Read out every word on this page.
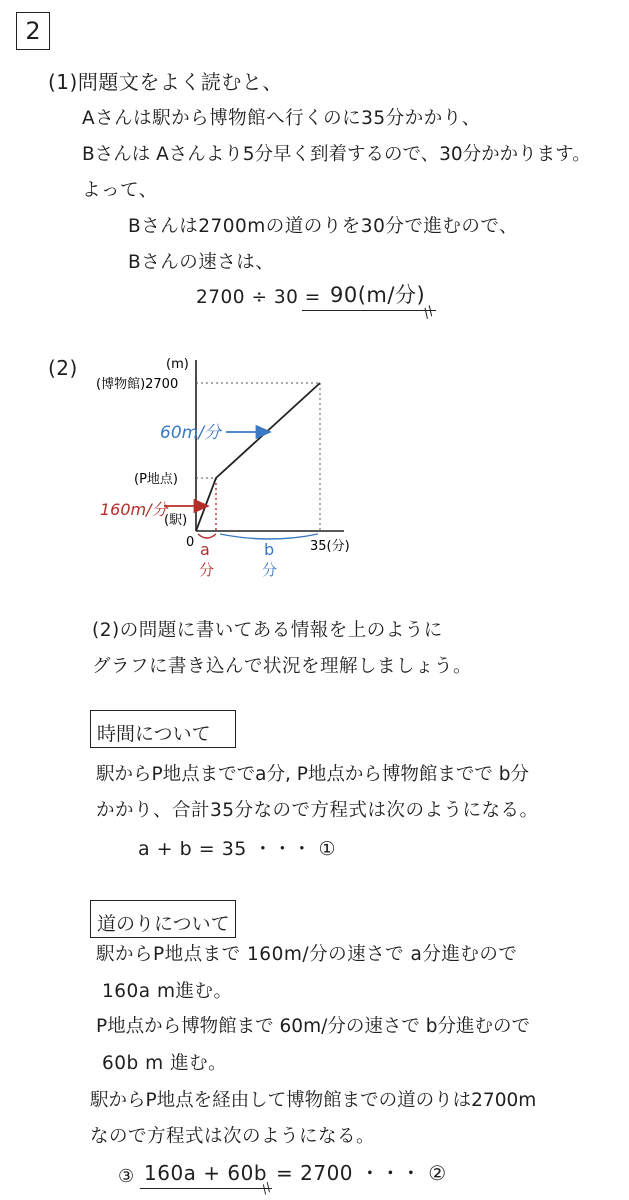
2
(1)問題文をよく読むと、
Aさんは駅から博物館へ行くのに35分かかり、
Bさんは Aさんより5分早く到着するので、30分かかります。
よって、
Bさんは2700mの道のりを30分で進むので、
Bさんの速さは、
2700 ÷ 30 = 90(m/分)
//
(2)	(m)
(博物館)2700
(P地点)
(駅)
0	35(分)
60m/分
160m/分
a
分
b
分
(2)の問題に書いてある情報を上のように
グラフに書き込んで状況を理解しましょう。
時間について
駅からP地点まででa分, P地点から博物館までで b分
かかり、合計35分なので方程式は次のようになる。
a + b = 35 ・・・ ①
道のりについて
駅からP地点まで 160m/分の速さで a分進むので
160a m進む。
P地点から博物館まで 60m/分の速さで b分進むので
60b m 進む。
駅からP地点を経由して博物館までの道のりは2700m
なので方程式は次のようになる。
③ 160a + 60b
//
= 2700 ・・・ ②
